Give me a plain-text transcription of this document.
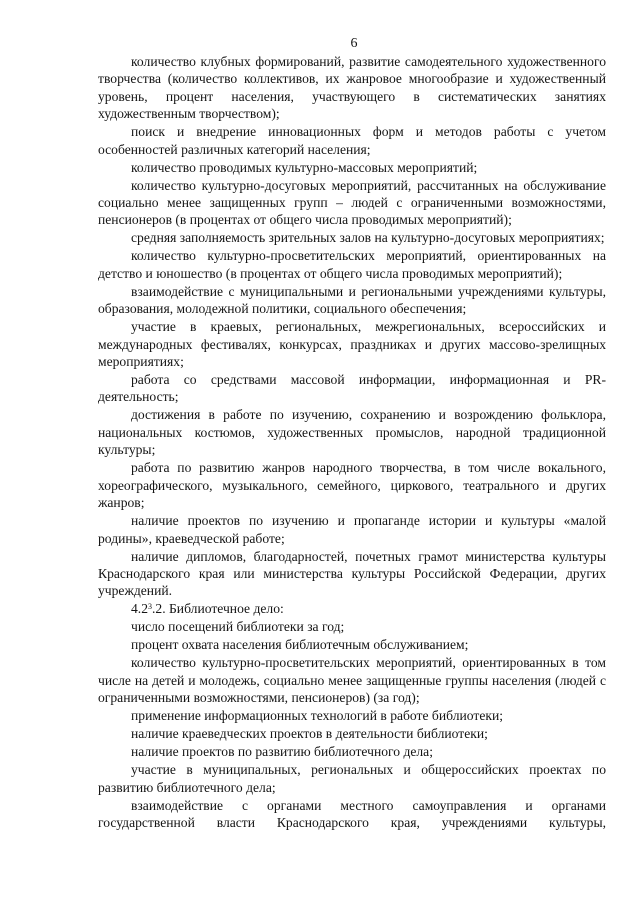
6

количество клубных формирований, развитие самодеятельного художественного творчества (количество коллективов, их жанровое многообразие и художественный уровень, процент населения, участвующего в систематических занятиях художественным творчеством);

поиск и внедрение инновационных форм и методов работы с учетом особенностей различных категорий населения;

количество проводимых культурно-массовых мероприятий;

количество культурно-досуговых мероприятий, рассчитанных на обслуживание социально менее защищенных групп – людей с ограниченными возможностями, пенсионеров (в процентах от общего числа проводимых мероприятий);

средняя заполняемость зрительных залов на культурно-досуговых мероприятиях;

количество культурно-просветительских мероприятий, ориентированных на детство и юношество (в процентах от общего числа проводимых мероприятий);

взаимодействие с муниципальными и региональными учреждениями культуры, образования, молодежной политики, социального обеспечения;

участие в краевых, региональных, межрегиональных, всероссийских и международных фестивалях, конкурсах, праздниках и других массово-зрелищных мероприятиях;

работа со средствами массовой информации, информационная и PR-деятельность;

достижения в работе по изучению, сохранению и возрождению фольклора, национальных костюмов, художественных промыслов, народной традиционной культуры;

работа по развитию жанров народного творчества, в том числе вокального, хореографического, музыкального, семейного, циркового, театрального и других жанров;

наличие проектов по изучению и пропаганде истории и культуры «малой родины», краеведческой работе;

наличие дипломов, благодарностей, почетных грамот министерства культуры Краснодарского края или министерства культуры Российской Федерации, других учреждений.

$4.2^3.2$. Библиотечное дело:

число посещений библиотеки за год;

процент охвата населения библиотечным обслуживанием;

количество культурно-просветительских мероприятий, ориентированных в том числе на детей и молодежь, социально менее защищенные группы населения (людей с ограниченными возможностями, пенсионеров) (за год);

применение информационных технологий в работе библиотеки;

наличие краеведческих проектов в деятельности библиотеки;

наличие проектов по развитию библиотечного дела;

участие в муниципальных, региональных и общероссийских проектах по развитию библиотечного дела;

взаимодействие с органами местного самоуправления и органами государственной власти Краснодарского края, учреждениями культуры,
